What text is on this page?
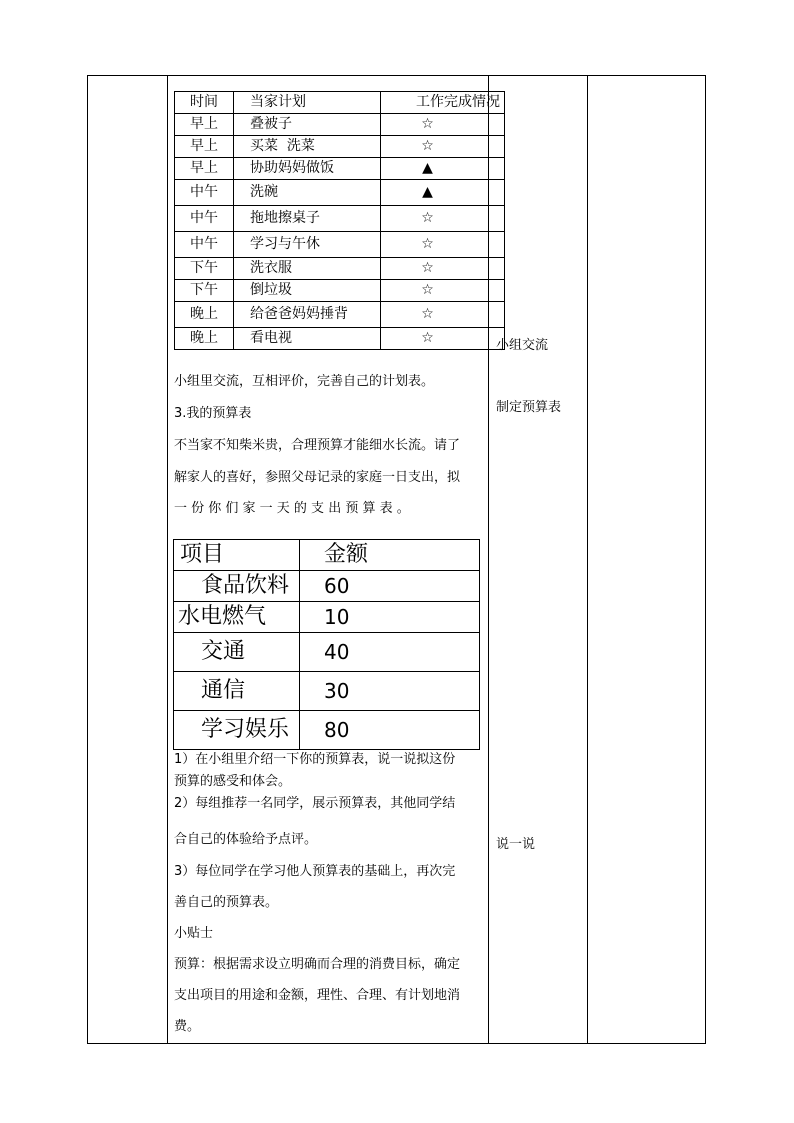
时间	当家计划	工作完成情况
早上	叠被子	☆
早上	买菜  洗菜	☆
早上	协助妈妈做饭	▲
中午	洗碗	▲
中午	拖地擦桌子	☆
中午	学习与午休	☆
下午	洗衣服	☆
下午	倒垃圾	☆
晚上	给爸爸妈妈捶背	☆
晚上	看电视	☆
小组里交流，互相评价，完善自己的计划表。
3.我的预算表
不当家不知柴米贵，合理预算才能细水长流。请了
解家人的喜好，参照父母记录的家庭一日支出，拟
一 份 你 们 家 一 天 的 支 出 预 算 表 。
项目	金额
食品饮料	60
水电燃气	10
交通	40
通信	30
学习娱乐	80
1）在小组里介绍一下你的预算表，说一说拟这份
预算的感受和体会。
2）每组推荐一名同学，展示预算表，其他同学结
合自己的体验给予点评。
3）每位同学在学习他人预算表的基础上，再次完
善自己的预算表。
小贴士
预算：根据需求设立明确而合理的消费目标，确定
支出项目的用途和金额，理性、合理、有计划地消
费。
小组交流
制定预算表
说一说
